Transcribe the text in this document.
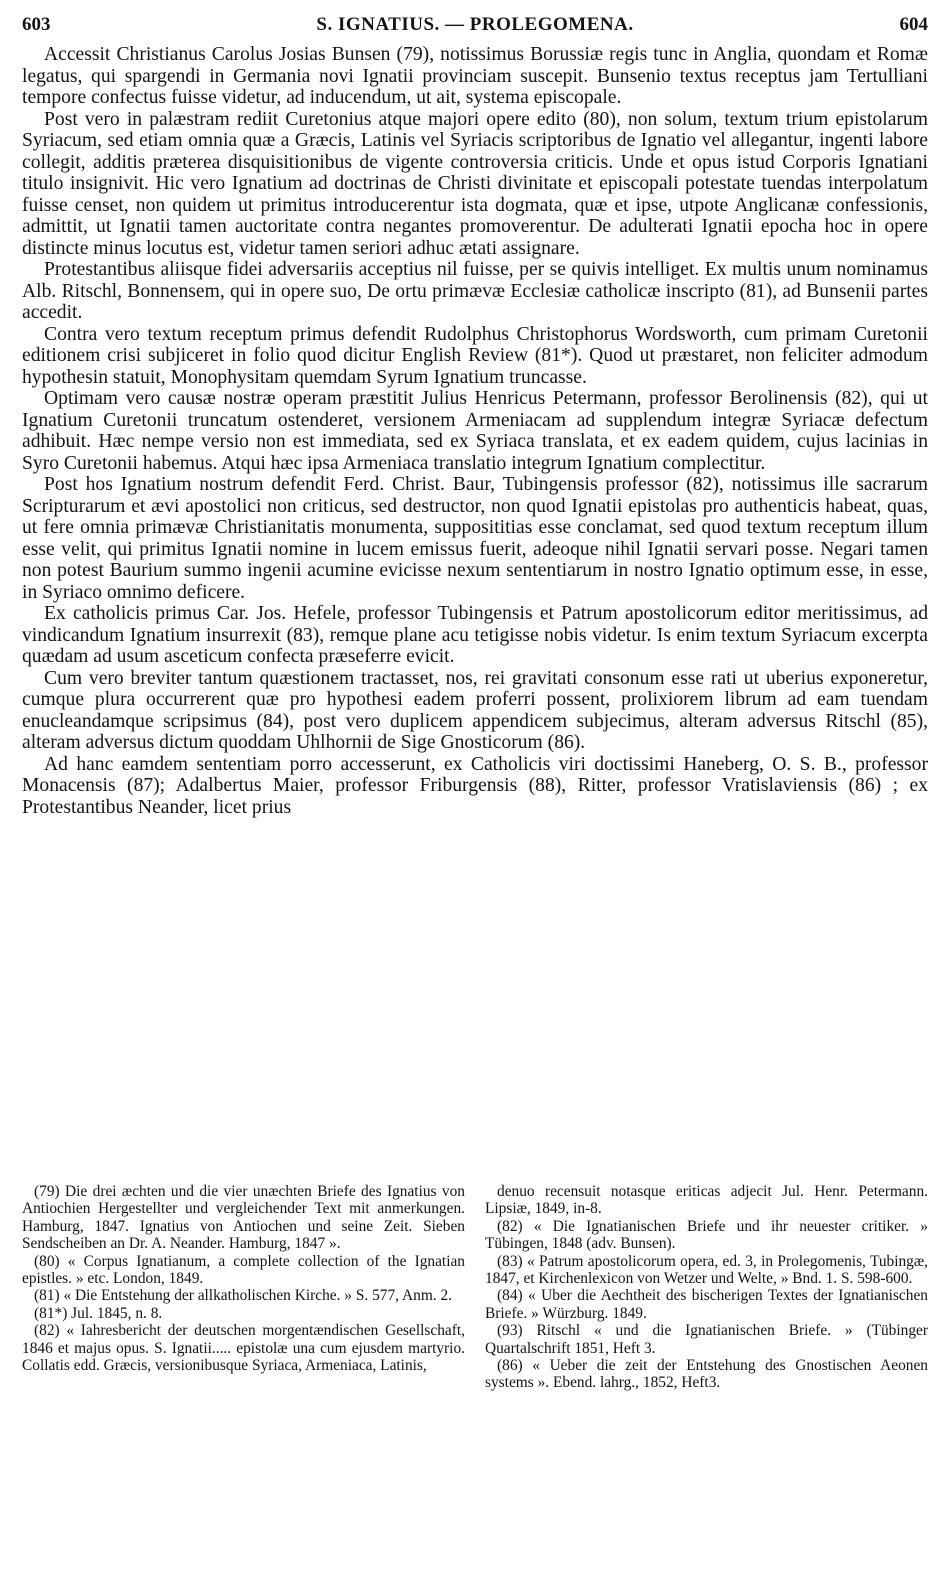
603	S. IGNATIUS. — PROLEGOMENA.	604

Accessit Christianus Carolus Josias Bunsen (79), notissimus Borussiæ regis tunc in Anglia, quondam et Romæ legatus, qui spargendi in Germania novi Ignatii provinciam suscepit. Bunsenio textus receptus jam Tertulliani tempore confectus fuisse videtur, ad inducendum, ut ait, systema episcopale.

Post vero in palæstram rediit Curetonius atque majori opere edito (80), non solum, textum trium epistolarum Syriacum, sed etiam omnia quæ a Græcis, Latinis vel Syriacis scriptoribus de Ignatio vel allegantur, ingenti labore collegit, additis præterea disquisitionibus de vigente controversia criticis. Unde et opus istud Corporis Ignatiani titulo insignivit. Hic vero Ignatium ad doctrinas de Christi divinitate et episcopali potestate tuendas interpolatum fuisse censet, non quidem ut primitus introducerentur ista dogmata, quæ et ipse, utpote Anglicanæ confessionis, admittit, ut Ignatii tamen auctoritate contra negantes promoverentur. De adulterati Ignatii epocha hoc in opere distincte minus locutus est, videtur tamen seriori adhuc ætati assignare.

Protestantibus aliisque fidei adversariis acceptius nil fuisse, per se quivis intelliget. Ex multis unum nominamus Alb. Ritschl, Bonnensem, qui in opere suo, De ortu primævæ Ecclesiæ catholicæ inscripto (81), ad Bunsenii partes accedit.

Contra vero textum receptum primus defendit Rudolphus Christophorus Wordsworth, cum primam Curetonii editionem crisi subjiceret in folio quod dicitur English Review (81*). Quod ut præstaret, non feliciter admodum hypothesin statuit, Monophysitam quemdam Syrum Ignatium truncasse.

Optimam vero causæ nostræ operam præstitit Julius Henricus Petermann, professor Berolinensis (82), qui ut Ignatium Curetonii truncatum ostenderet, versionem Armeniacam ad supplendum integræ Syriacæ defectum adhibuit. Hæc nempe versio non est immediata, sed ex Syriaca translata, et ex eadem quidem, cujus lacinias in Syro Curetonii habemus. Atqui hæc ipsa Armeniaca translatio integrum Ignatium complectitur.

Post hos Ignatium nostrum defendit Ferd. Christ. Baur, Tubingensis professor (82), notissimus ille sacrarum Scripturarum et ævi apostolici non criticus, sed destructor, non quod Ignatii epistolas pro authenticis habeat, quas, ut fere omnia primævæ Christianitatis monumenta, supposititias esse conclamat, sed quod textum receptum illum esse velit, qui primitus Ignatii nomine in lucem emissus fuerit, adeoque nihil Ignatii servari posse. Negari tamen non potest Baurium summo ingenii acumine evicisse nexum sententiarum in nostro Ignatio optimum esse, in esse, in Syriaco omnimo deficere.

Ex catholicis primus Car. Jos. Hefele, professor Tubingensis et Patrum apostolicorum editor meritissimus, ad vindicandum Ignatium insurrexit (83), remque plane acu tetigisse nobis videtur. Is enim textum Syriacum excerpta quædam ad usum asceticum confecta præseferre evicit.

Cum vero breviter tantum quæstionem tractasset, nos, rei gravitati consonum esse rati ut uberius exponeretur, cumque plura occurrerent quæ pro hypothesi eadem proferri possent, prolixiorem librum ad eam tuendam enucleandamque scripsimus (84), post vero duplicem appendicem subjecimus, alteram adversus Ritschl (85), alteram adversus dictum quoddam Uhlhornii de Sige Gnosticorum (86).

Ad hanc eamdem sententiam porro accesserunt, ex Catholicis viri doctissimi Haneberg, O. S. B., professor Monacensis (87); Adalbertus Maier, professor Friburgensis (88), Ritter, professor Vratislaviensis (86) ; ex Protestantibus Neander, licet prius

(79) Die drei æchten und die vier unæchten Briefe des Ignatius von Antiochien Hergestellter und vergleichender Text mit anmerkungen. Hamburg, 1847. Ignatius von Antiochen und seine Zeit. Sieben Sendscheiben an Dr. A. Neander. Hamburg, 1847 ».

(80) « Corpus Ignatianum, a complete collection of the Ignatian epistles. » etc. London, 1849.

(81) « Die Entstehung der allkatholischen Kirche. » S. 577, Anm. 2.

(81*) Jul. 1845, n. 8.

(82) « Iahresbericht der deutschen morgentændischen Gesellschaft, 1846 et majus opus. S. Ignatii..... epistolæ una cum ejusdem martyrio. Collatis edd. Græcis, versionibusque Syriaca, Armeniaca, Latinis,

denuo recensuit notasque eriticas adjecit Jul. Henr. Petermann. Lipsiæ, 1849, in-8.

(82) « Die Ignatianischen Briefe und ihr neuester critiker. » Tübingen, 1848 (adv. Bunsen).

(83) « Patrum apostolicorum opera, ed. 3, in Prolegomenis, Tubingæ, 1847, et Kirchenlexicon von Wetzer und Welte, » Bnd. 1. S. 598-600.

(84) « Uber die Aechtheit des bischerigen Textes der Ignatianischen Briefe. » Würzburg. 1849.

(93) Ritschl « und die Ignatianischen Briefe. » (Tübinger Quartalschrift 1851, Heft 3.

(86) « Ueber die zeit der Entstehung des Gnostischen Aeonen systems ». Ebend. lahrg., 1852, Heft3.
